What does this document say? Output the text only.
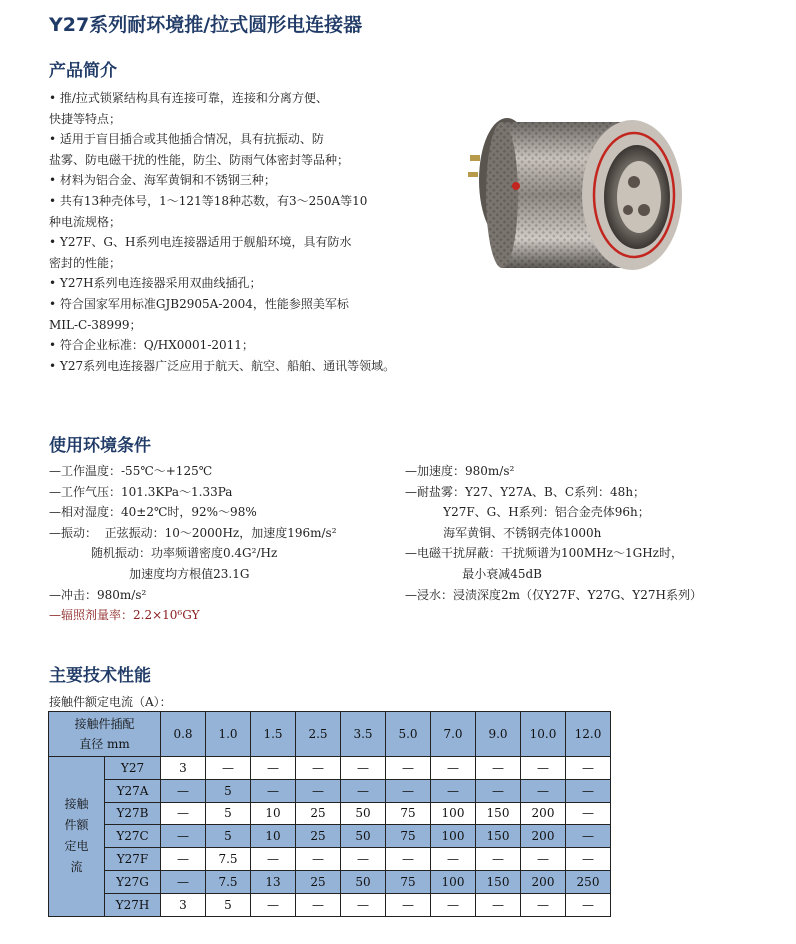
Y27系列耐环境推/拉式圆形电连接器
产品简介
• 推/拉式锁紧结构具有连接可靠，连接和分离方便、
快捷等特点；
• 适用于盲目插合或其他插合情况，具有抗振动、防
盐雾、防电磁干扰的性能，防尘、防雨气体密封等品种；
• 材料为铝合金、海军黄铜和不锈钢三种；
• 共有13种壳体号，1～121等18种芯数，有3～250A等10
种电流规格；
• Y27F、G、H系列电连接器适用于舰船环境，具有防水
密封的性能；
• Y27H系列电连接器采用双曲线插孔；
• 符合国家军用标准GJB2905A-2004，性能参照美军标
MIL-C-38999；
• 符合企业标准：Q/HX0001-2011；
• Y27系列电连接器广泛应用于航天、航空、船舶、通讯等领域。
使用环境条件
—工作温度：-55℃～+125℃
—工作气压：101.3KPa～1.33Pa
—相对湿度：40±2℃时，92%～98%
—振动：  正弦振动：10～2000Hz，加速度196m/s²
随机振动：功率频谱密度0.4G²/Hz
加速度均方根值23.1G
—冲击：980m/s²
—辐照剂量率：2.2×10⁶GY
—加速度：980m/s²
—耐盐雾：Y27、Y27A、B、C系列：48h；
Y27F、G、H系列：铝合金壳体96h；
海军黄铜、不锈钢壳体1000h
—电磁干扰屏蔽：干扰频谱为100MHz～1GHz时，
最小衰减45dB
—浸水：浸渍深度2m（仅Y27F、Y27G、Y27H系列）
主要技术性能
接触件额定电流（A）：
接触件插配
直径 mm		0.8	1.0	1.5	2.5	3.5	5.0	7.0	9.0	10.0	12.0

接触
件额
定电
流	Y27	3	—	—	—	—	—	—	—	—	—
	Y27A	—	5	—	—	—	—	—	—	—	—
	Y27B	—	5	10	25	50	75	100	150	200	—
	Y27C	—	5	10	25	50	75	100	150	200	—
	Y27F	—	7.5	—	—	—	—	—	—	—	—
	Y27G	—	7.5	13	25	50	75	100	150	200	250
	Y27H	3	5	—	—	—	—	—	—	—	—
